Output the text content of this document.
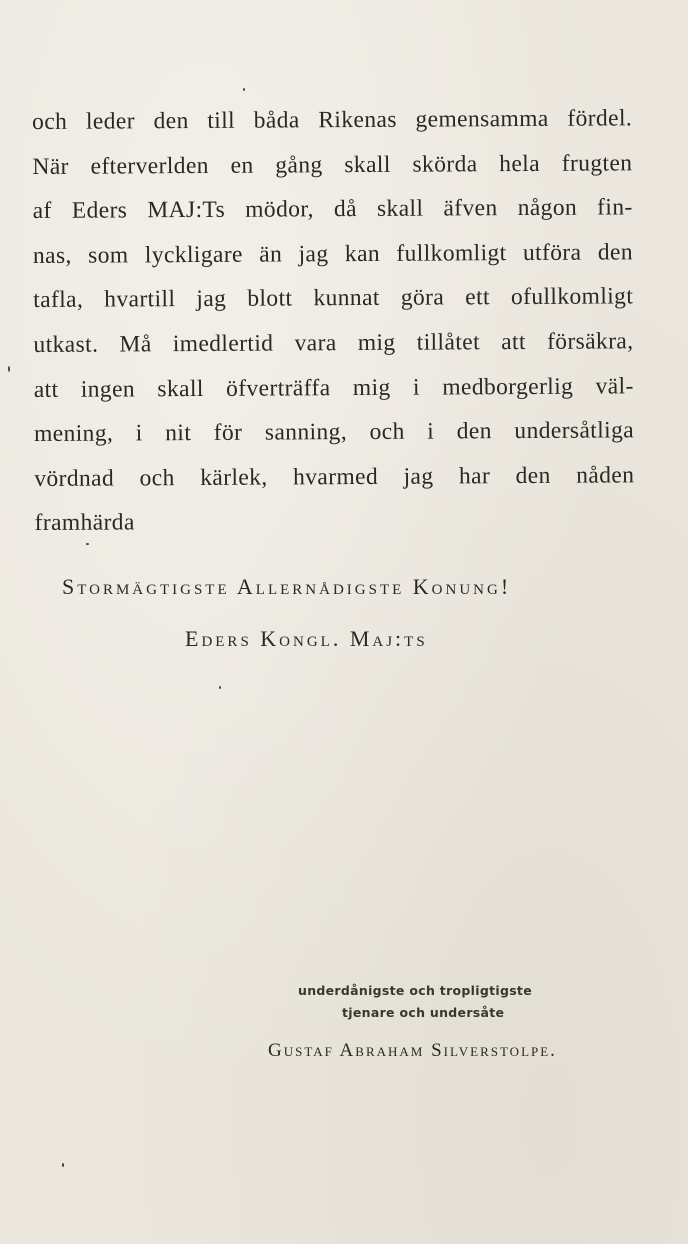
och leder den till båda Rikenas gemensamma fördel.
När efterverlden en gång skall skörda hela frugten
af Eders MAJ:Ts mödor, då skall äfven någon fin-
nas, som lyckligare än jag kan fullkomligt utföra den
tafla, hvartill jag blott kunnat göra ett ofullkomligt
utkast. Må imedlertid vara mig tillåtet att försäkra,
att ingen skall öfverträffa mig i medborgerlig väl-
mening, i nit för sanning, och i den undersåtliga
vördnad och kärlek, hvarmed jag har den nåden
framhärda
Stormägtigste Allernådigste Konung!
Eders Kongl. Maj:ts
underdånigste och tropligtigste
tjenare och undersåte
Gustaf Abraham Silverstolpe.
